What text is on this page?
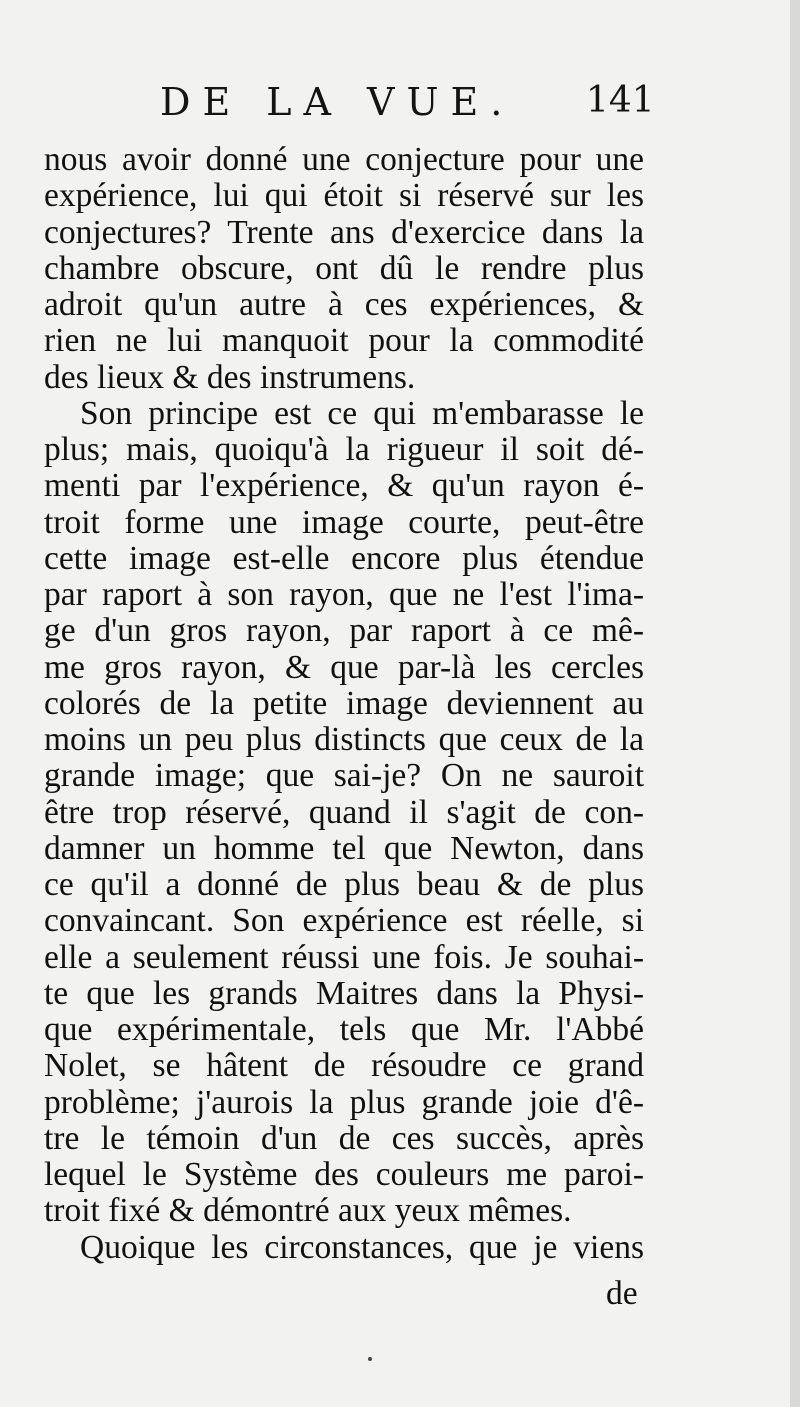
DE LA VUE.	141
nous avoir donné une conjecture pour une
expérience, lui qui étoit si réservé sur les
conjectures? Trente ans d'exercice dans la
chambre obscure, ont dû le rendre plus
adroit qu'un autre à ces expériences, &
rien ne lui manquoit pour la commodité
des lieux & des instrumens.
Son principe est ce qui m'embarasse le
plus; mais, quoiqu'à la rigueur il soit dé-
menti par l'expérience, & qu'un rayon é-
troit forme une image courte, peut-être
cette image est-elle encore plus étendue
par raport à son rayon, que ne l'est l'ima-
ge d'un gros rayon, par raport à ce mê-
me gros rayon, & que par-là les cercles
colorés de la petite image deviennent au
moins un peu plus distincts que ceux de la
grande image; que sai-je? On ne sauroit
être trop réservé, quand il s'agit de con-
damner un homme tel que Newton, dans
ce qu'il a donné de plus beau & de plus
convaincant. Son expérience est réelle, si
elle a seulement réussi une fois. Je souhai-
te que les grands Maitres dans la Physi-
que expérimentale, tels que Mr. l'Abbé
Nolet, se hâtent de résoudre ce grand
problème; j'aurois la plus grande joie d'ê-
tre le témoin d'un de ces succès, après
lequel le Système des couleurs me paroi-
troit fixé & démontré aux yeux mêmes.
Quoique les circonstances, que je viens
de
